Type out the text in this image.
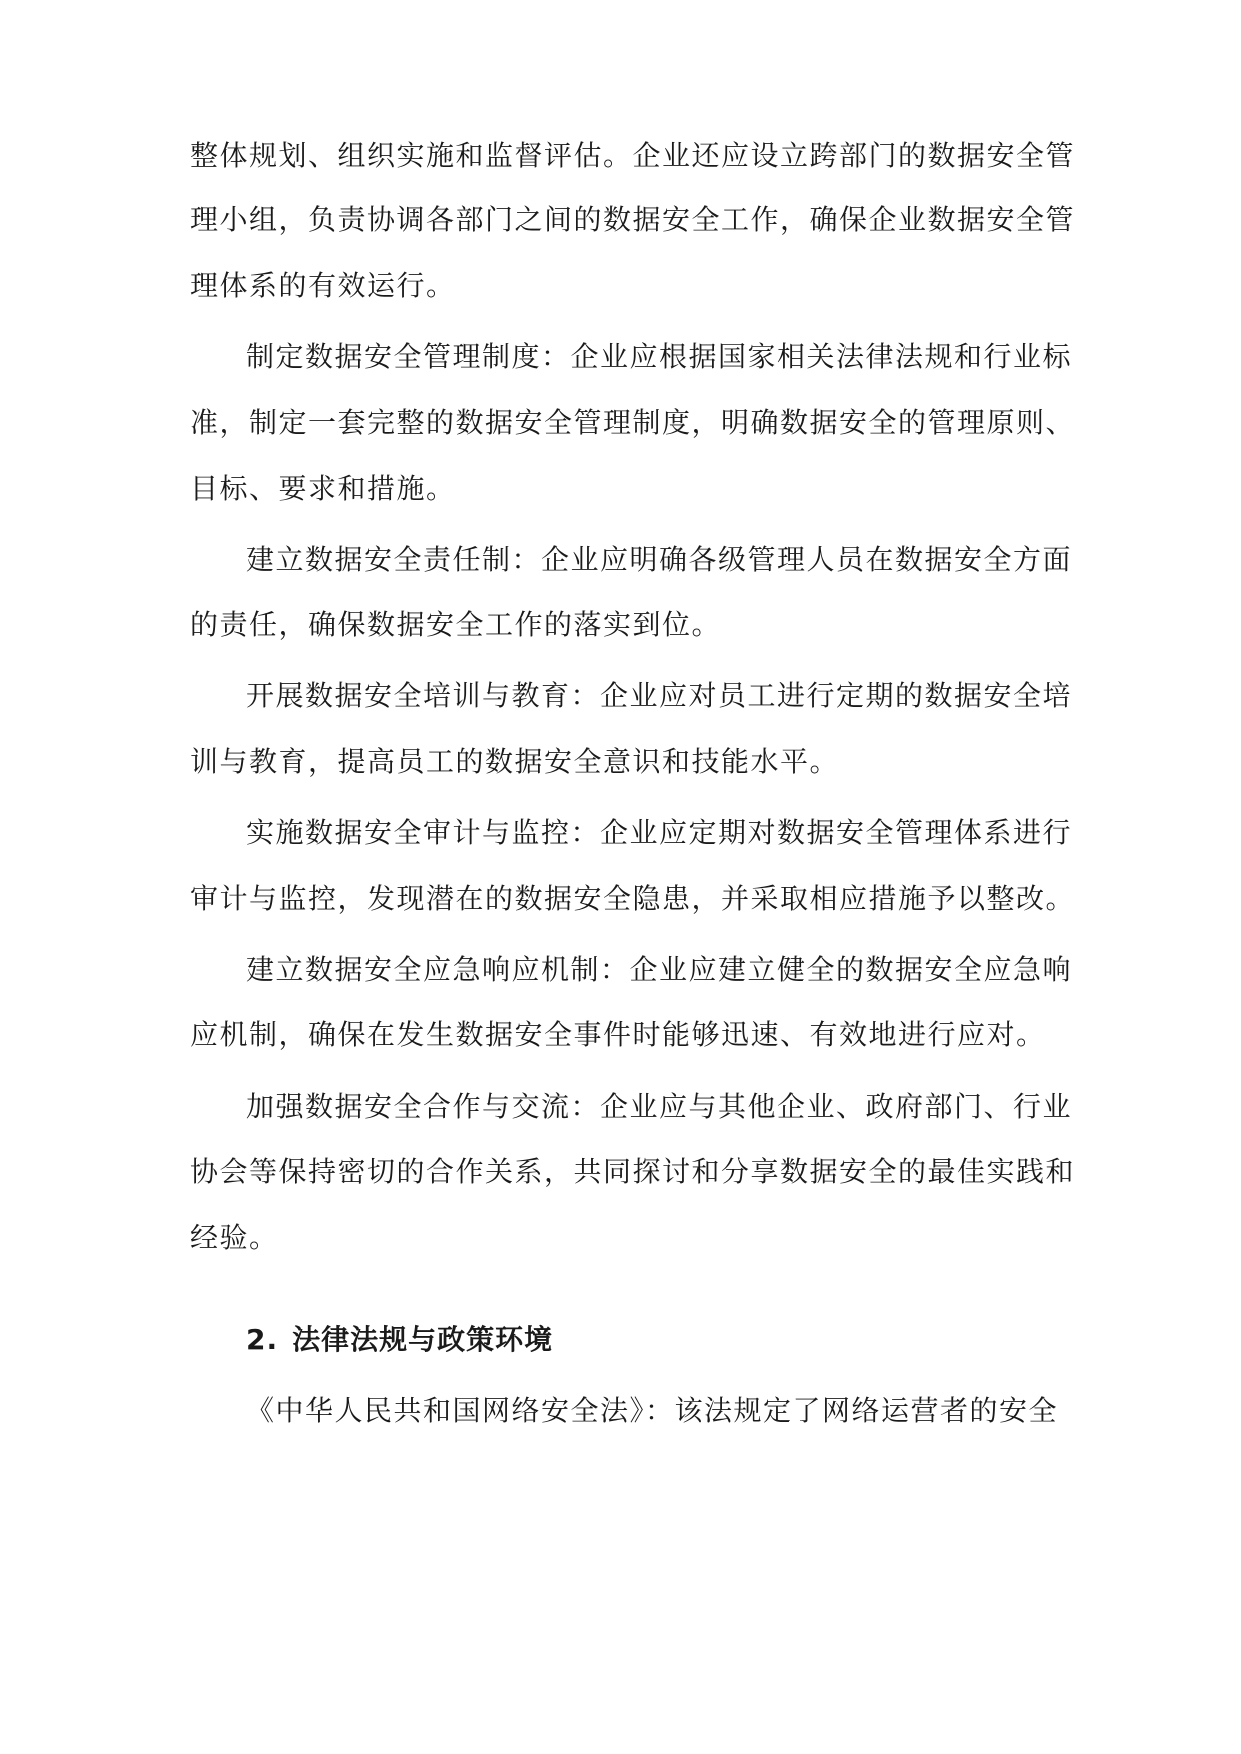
整体规划、组织实施和监督评估。企业还应设立跨部门的数据安全管
理小组，负责协调各部门之间的数据安全工作，确保企业数据安全管
理体系的有效运行。
制定数据安全管理制度：企业应根据国家相关法律法规和行业标
准，制定一套完整的数据安全管理制度，明确数据安全的管理原则、
目标、要求和措施。
建立数据安全责任制：企业应明确各级管理人员在数据安全方面
的责任，确保数据安全工作的落实到位。
开展数据安全培训与教育：企业应对员工进行定期的数据安全培
训与教育，提高员工的数据安全意识和技能水平。
实施数据安全审计与监控：企业应定期对数据安全管理体系进行
审计与监控，发现潜在的数据安全隐患，并采取相应措施予以整改。
建立数据安全应急响应机制：企业应建立健全的数据安全应急响
应机制，确保在发生数据安全事件时能够迅速、有效地进行应对。
加强数据安全合作与交流：企业应与其他企业、政府部门、行业
协会等保持密切的合作关系，共同探讨和分享数据安全的最佳实践和
经验。
2. 法律法规与政策环境
《中华人民共和国网络安全法》：该法规定了网络运营者的安全
